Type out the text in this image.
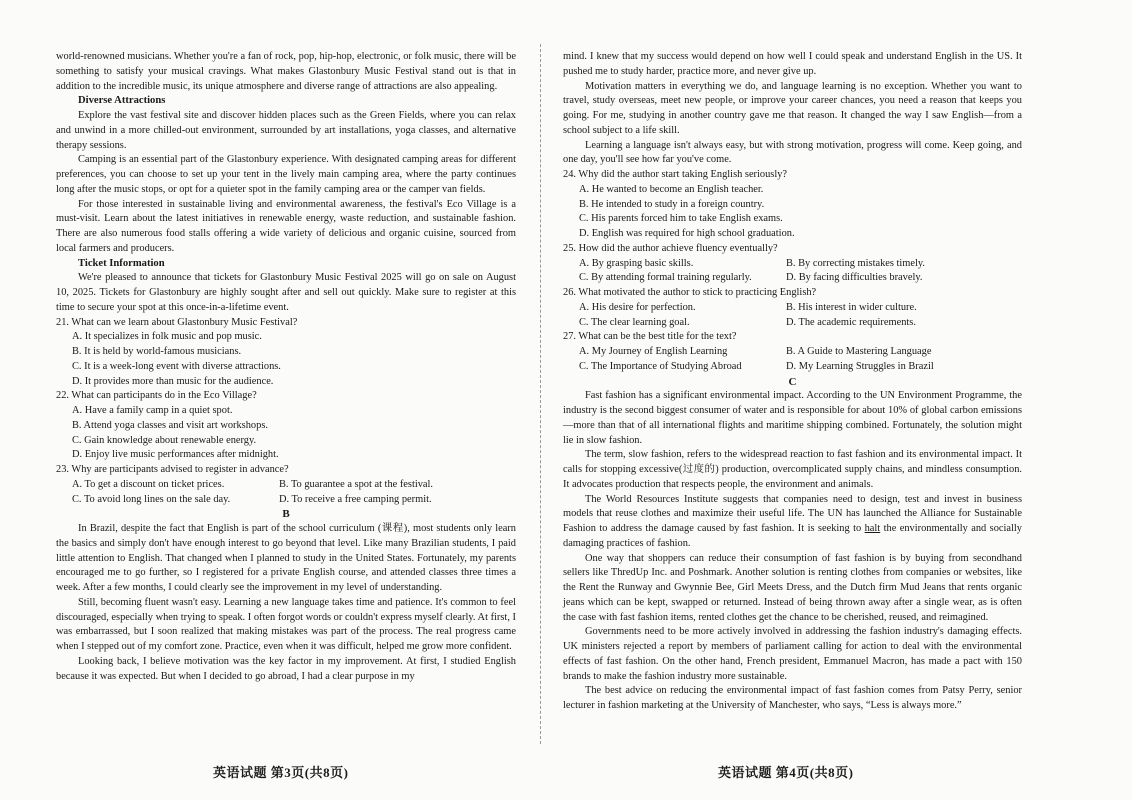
world-renowned musicians. Whether you're a fan of rock, pop, hip-hop, electronic, or folk music, there will be something to satisfy your musical cravings. What makes Glastonbury Music Festival stand out is that in addition to the incredible music, its unique atmosphere and diverse range of attractions are also appealing.

Diverse Attractions

Explore the vast festival site and discover hidden places such as the Green Fields, where you can relax and unwind in a more chilled-out environment, surrounded by art installations, yoga classes, and alternative therapy sessions.

Camping is an essential part of the Glastonbury experience. With designated camping areas for different preferences, you can choose to set up your tent in the lively main camping area, where the party continues long after the music stops, or opt for a quieter spot in the family camping area or the camper van fields.

For those interested in sustainable living and environmental awareness, the festival's Eco Village is a must-visit. Learn about the latest initiatives in renewable energy, waste reduction, and sustainable fashion. There are also numerous food stalls offering a wide variety of delicious and organic cuisine, sourced from local farmers and producers.

Ticket Information

We're pleased to announce that tickets for Glastonbury Music Festival 2025 will go on sale on August 10, 2025. Tickets for Glastonbury are highly sought after and sell out quickly. Make sure to register at this time to secure your spot at this once-in-a-lifetime event.

21. What can we learn about Glastonbury Music Festival?
A. It specializes in folk music and pop music.
B. It is held by world-famous musicians.
C. It is a week-long event with diverse attractions.
D. It provides more than music for the audience.
22. What can participants do in the Eco Village?
A. Have a family camp in a quiet spot.
B. Attend yoga classes and visit art workshops.
C. Gain knowledge about renewable energy.
D. Enjoy live music performances after midnight.
23. Why are participants advised to register in advance?
A. To get a discount on ticket prices.	B. To guarantee a spot at the festival.
C. To avoid long lines on the sale day.	D. To receive a free camping permit.
B

In Brazil, despite the fact that English is part of the school curriculum (课程), most students only learn the basics and simply don't have enough interest to go beyond that level. Like many Brazilian students, I paid little attention to English. That changed when I planned to study in the United States. Fortunately, my parents encouraged me to go further, so I registered for a private English course, and attended classes three times a week. After a few months, I could clearly see the improvement in my level of understanding.

Still, becoming fluent wasn't easy. Learning a new language takes time and patience. It's common to feel discouraged, especially when trying to speak. I often forgot words or couldn't express myself clearly. At first, I was embarrassed, but I soon realized that making mistakes was part of the process. The real progress came when I stepped out of my comfort zone. Practice, even when it was difficult, helped me grow more confident.

Looking back, I believe motivation was the key factor in my improvement. At first, I studied English because it was expected. But when I decided to go abroad, I had a clear purpose in my

mind. I knew that my success would depend on how well I could speak and understand English in the US. It pushed me to study harder, practice more, and never give up.

Motivation matters in everything we do, and language learning is no exception. Whether you want to travel, study overseas, meet new people, or improve your career chances, you need a reason that keeps you going. For me, studying in another country gave me that reason. It changed the way I saw English—from a school subject to a life skill.

Learning a language isn't always easy, but with strong motivation, progress will come. Keep going, and one day, you'll see how far you've come.

24. Why did the author start taking English seriously?
A. He wanted to become an English teacher.
B. He intended to study in a foreign country.
C. His parents forced him to take English exams.
D. English was required for high school graduation.
25. How did the author achieve fluency eventually?
A. By grasping basic skills.	B. By correcting mistakes timely.
C. By attending formal training regularly.	D. By facing difficulties bravely.
26. What motivated the author to stick to practicing English?
A. His desire for perfection.	B. His interest in wider culture.
C. The clear learning goal.	D. The academic requirements.
27. What can be the best title for the text?
A. My Journey of English Learning	B. A Guide to Mastering Language
C. The Importance of Studying Abroad	D. My Learning Struggles in Brazil
C

Fast fashion has a significant environmental impact. According to the UN Environment Programme, the industry is the second biggest consumer of water and is responsible for about 10% of global carbon emissions—more than that of all international flights and maritime shipping combined. Fortunately, the solution might lie in slow fashion.

The term, slow fashion, refers to the widespread reaction to fast fashion and its environmental impact. It calls for stopping excessive(过度的) production, overcomplicated supply chains, and mindless consumption. It advocates production that respects people, the environment and animals.

The World Resources Institute suggests that companies need to design, test and invest in business models that reuse clothes and maximize their useful life. The UN has launched the Alliance for Sustainable Fashion to address the damage caused by fast fashion. It is seeking to halt the environmentally and socially damaging practices of fashion.

One way that shoppers can reduce their consumption of fast fashion is by buying from secondhand sellers like ThredUp Inc. and Poshmark. Another solution is renting clothes from companies or websites, like the Rent the Runway and Gwynnie Bee, Girl Meets Dress, and the Dutch firm Mud Jeans that rents organic jeans which can be kept, swapped or returned. Instead of being thrown away after a single wear, as is often the case with fast fashion items, rented clothes get the chance to be cherished, reused, and reimagined.

Governments need to be more actively involved in addressing the fashion industry's damaging effects. UK ministers rejected a report by members of parliament calling for action to deal with the environmental effects of fast fashion. On the other hand, French president, Emmanuel Macron, has made a pact with 150 brands to make the fashion industry more sustainable.

The best advice on reducing the environmental impact of fast fashion comes from Patsy Perry, senior lecturer in fashion marketing at the University of Manchester, who says, “Less is always more.”

英语试题 第3页(共8页)	英语试题 第4页(共8页)
